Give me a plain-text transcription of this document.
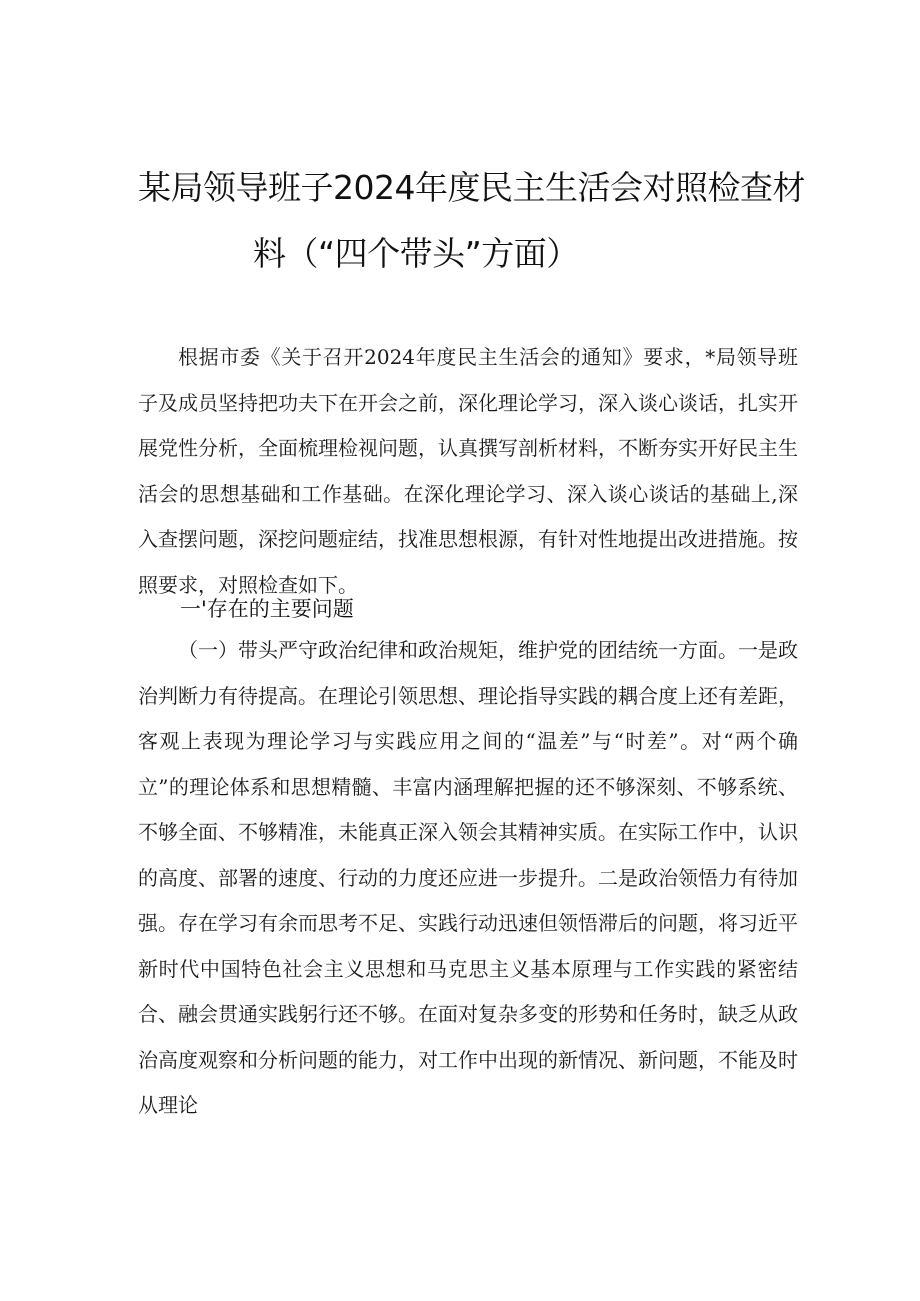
某局领导班子2024年度民主生活会对照检查材
料（“四个带头”方面）

根据市委《关于召开2024年度民主生活会的通知》要求，*局领导班子及成员坚持把功夫下在开会之前，深化理论学习，深入谈心谈话，扎实开展党性分析，全面梳理检视问题，认真撰写剖析材料，不断夯实开好民主生活会的思想基础和工作基础。在深化理论学习、深入谈心谈话的基础上,深入查摆问题，深挖问题症结，找准思想根源，有针对性地提出改进措施。按照要求，对照检查如下。

一'存在的主要问题

（一）带头严守政治纪律和政治规矩，维护党的团结统一方面。一是政治判断力有待提高。在理论引领思想、理论指导实践的耦合度上还有差距，客观上表现为理论学习与实践应用之间的“温差”与“时差”。对“两个确立”的理论体系和思想精髓、丰富内涵理解把握的还不够深刻、不够系统、不够全面、不够精准，未能真正深入领会其精神实质。在实际工作中，认识的高度、部署的速度、行动的力度还应进一步提升。二是政治领悟力有待加强。存在学习有余而思考不足、实践行动迅速但领悟滞后的问题，将习近平新时代中国特色社会主义思想和马克思主义基本原理与工作实践的紧密结合、融会贯通实践躬行还不够。在面对复杂多变的形势和任务时，缺乏从政治高度观察和分析问题的能力，对工作中出现的新情况、新问题，不能及时从理论
